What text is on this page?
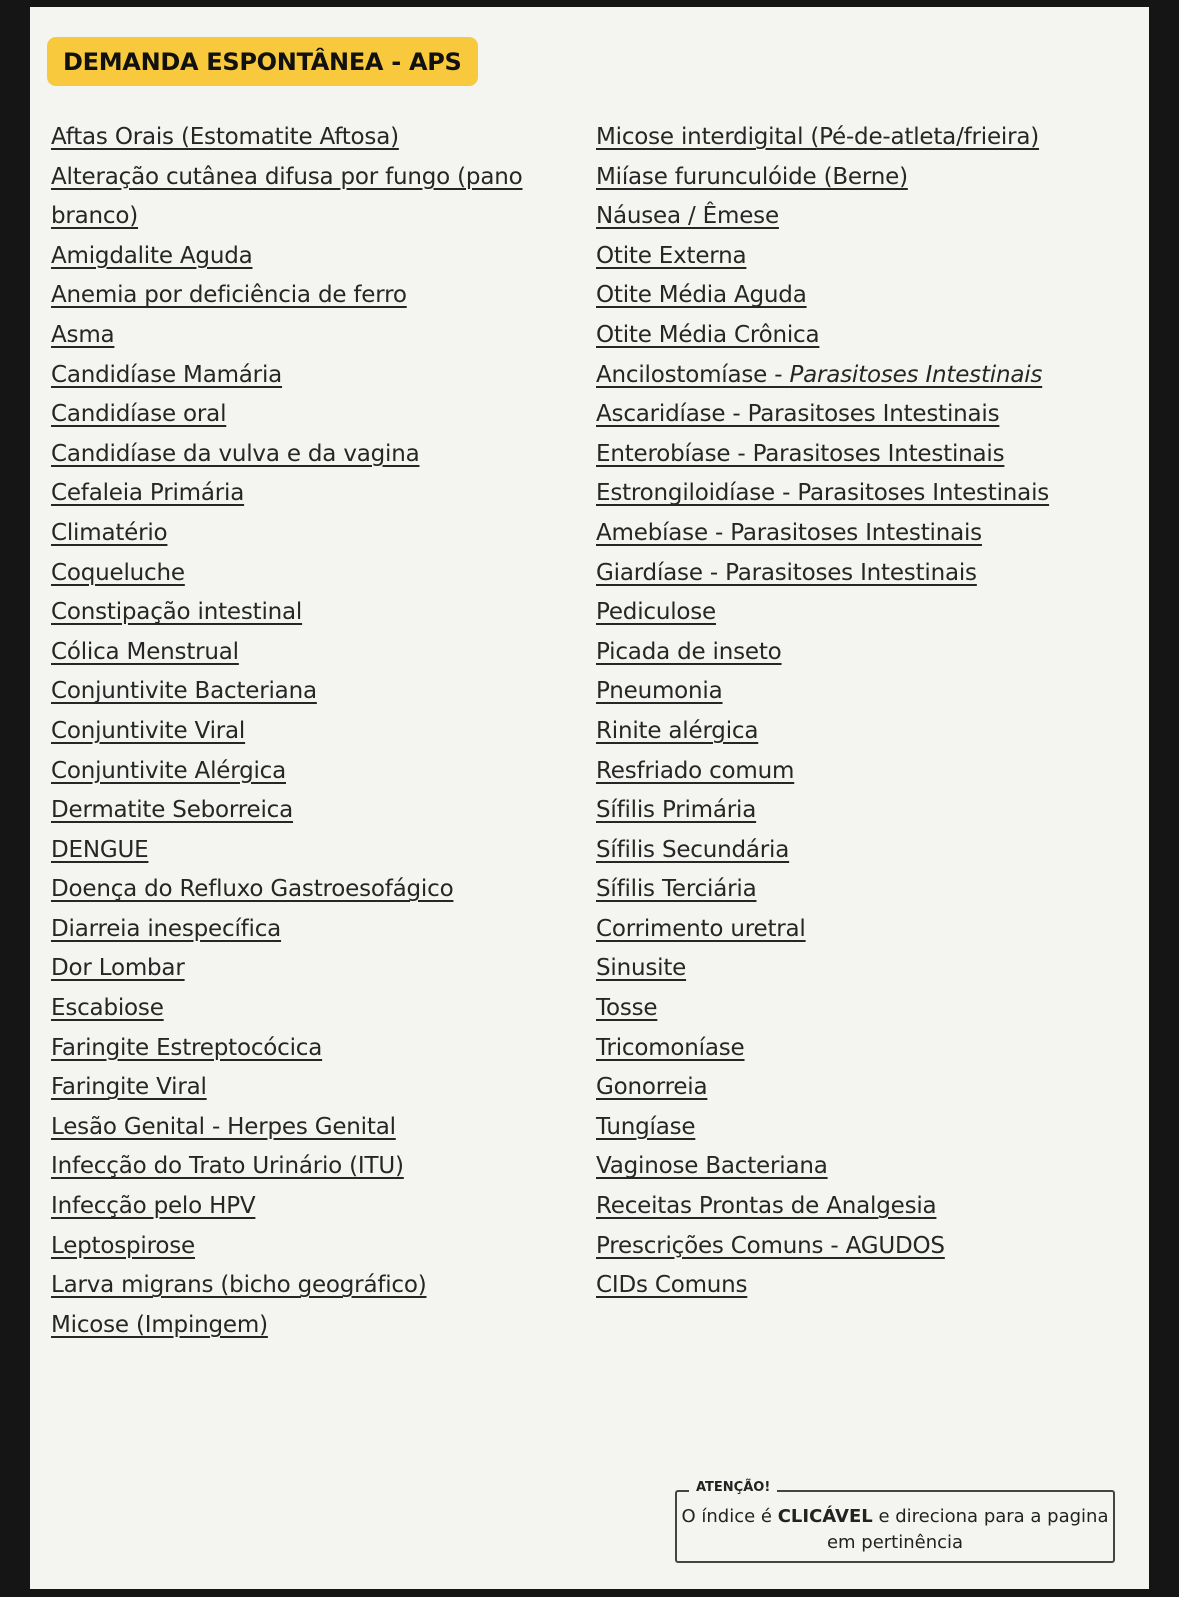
DEMANDA ESPONTÂNEA - APS
Aftas Orais (Estomatite Aftosa)
Alteração cutânea difusa por fungo (pano branco)
Amigdalite Aguda
Anemia por deficiência de ferro
Asma
Candidíase Mamária
Candidíase oral
Candidíase da vulva e da vagina
Cefaleia Primária
Climatério
Coqueluche
Constipação intestinal
Cólica Menstrual
Conjuntivite Bacteriana
Conjuntivite Viral
Conjuntivite Alérgica
Dermatite Seborreica
DENGUE
Doença do Refluxo Gastroesofágico
Diarreia inespecífica
Dor Lombar
Escabiose
Faringite Estreptocócica
Faringite Viral
Lesão Genital - Herpes Genital
Infecção do Trato Urinário (ITU)
Infecção pelo HPV
Leptospirose
Larva migrans (bicho geográfico)
Micose (Impingem)
Micose interdigital (Pé-de-atleta/frieira)
Miíase furunculóide (Berne)
Náusea / Êmese
Otite Externa
Otite Média Aguda
Otite Média Crônica
Ancilostomíase - Parasitoses Intestinais
Ascaridíase - Parasitoses Intestinais
Enterobíase - Parasitoses Intestinais
Estrongiloidíase - Parasitoses Intestinais
Amebíase - Parasitoses Intestinais
Giardíase - Parasitoses Intestinais
Pediculose
Picada de inseto
Pneumonia
Rinite alérgica
Resfriado comum
Sífilis Primária
Sífilis Secundária
Sífilis Terciária
Corrimento uretral
Sinusite
Tosse
Tricomoníase
Gonorreia
Tungíase
Vaginose Bacteriana
Receitas Prontas de Analgesia
Prescrições Comuns - AGUDOS
CIDs Comuns
ATENÇÃO!
O índice é CLICÁVEL e direciona para a pagina em pertinência
